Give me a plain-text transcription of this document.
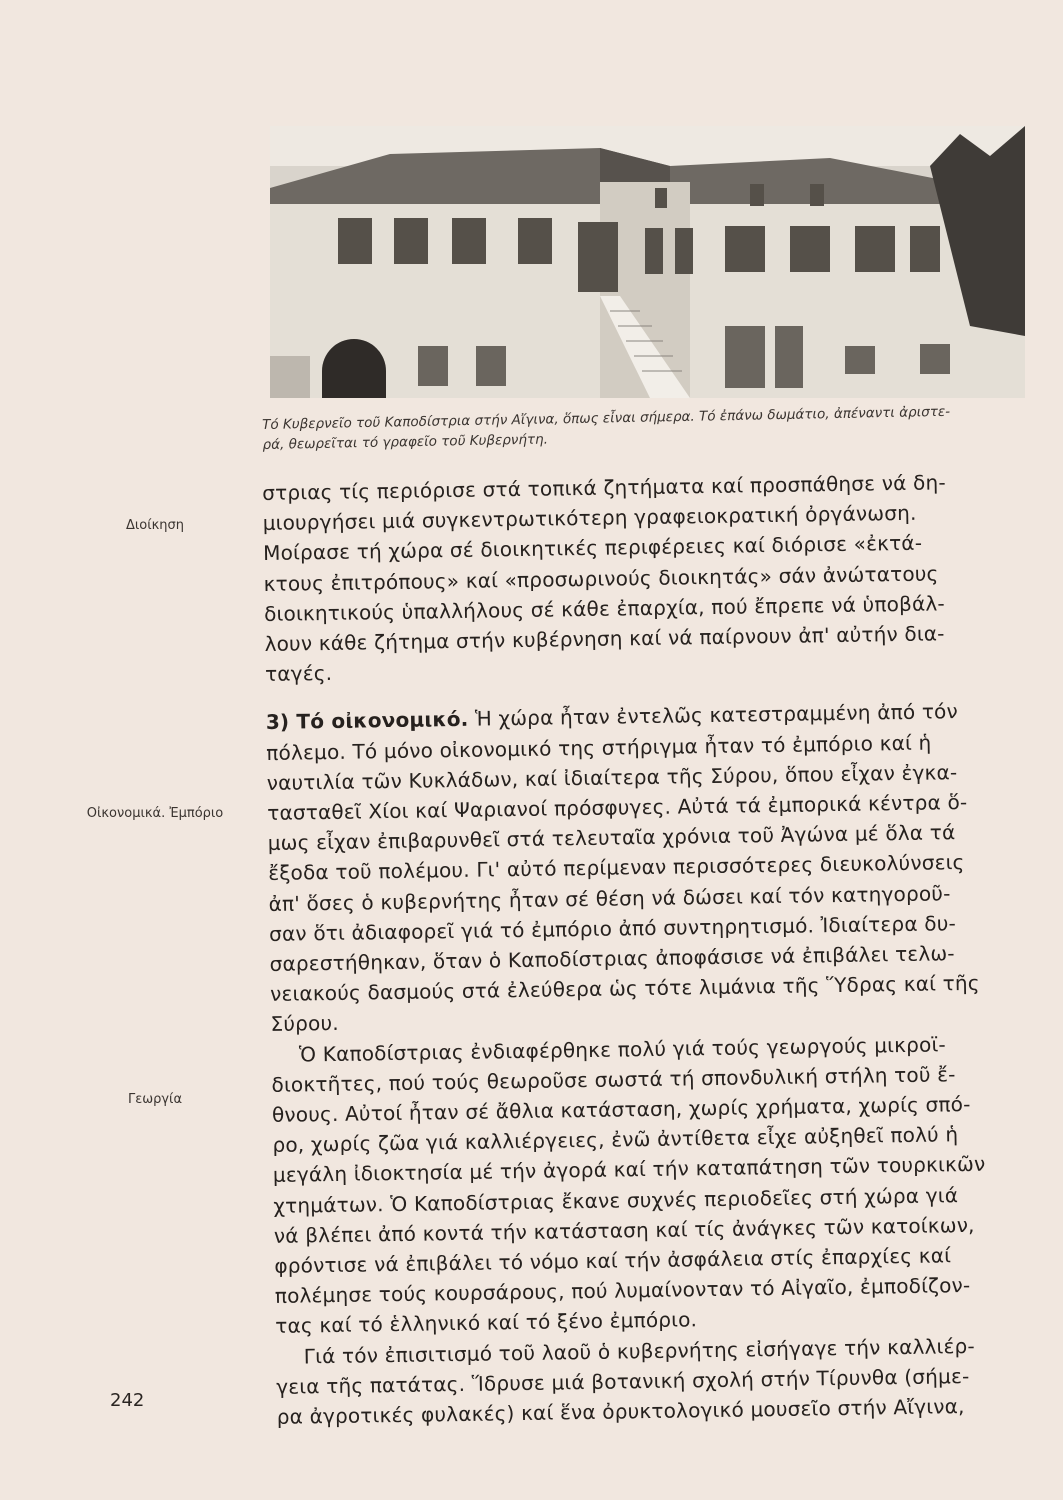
Τό Κυβερνεῖο τοῦ Καποδίστρια στήν Αἴγινα, ὅπως εἶναι σήμερα. Τό ἐπάνω δωμάτιο, ἀπέναντι ἀριστε-

ρά, θεωρεῖται τό γραφεῖο τοῦ Κυβερνήτη.

Διοίκηση
Οἰκονομικά. Ἐμπόριο
Γεωργία

στριας τίς περιόρισε στά τοπικά ζητήματα καί προσπάθησε νά δη-

μιουργήσει μιά συγκεντρωτικότερη γραφειοκρατική ὀργάνωση.

Μοίρασε τή χώρα σέ διοικητικές περιφέρειες καί διόρισε «ἐκτά-

κτους ἐπιτρόπους» καί «προσωρινούς διοικητάς» σάν ἀνώτατους

διοικητικούς ὑπαλλήλους σέ κάθε ἐπαρχία, πού ἔπρεπε νά ὑποβάλ-

λουν κάθε ζήτημα στήν κυβέρνηση καί νά παίρνουν ἀπ' αὐτήν δια-

ταγές.

3) Τό οἰκονομικό. Ἡ χώρα ἦταν ἐντελῶς κατεστραμμένη ἀπό τόν

πόλεμο. Τό μόνο οἰκονομικό της στήριγμα ἦταν τό ἐμπόριο καί ἡ

ναυτιλία τῶν Κυκλάδων, καί ἰδιαίτερα τῆς Σύρου, ὅπου εἶχαν ἐγκα-

τασταθεῖ Χίοι καί Ψαριανοί πρόσφυγες. Αὐτά τά ἐμπορικά κέντρα ὅ-

μως εἶχαν ἐπιβαρυνθεῖ στά τελευταῖα χρόνια τοῦ Ἀγώνα μέ ὅλα τά

ἔξοδα τοῦ πολέμου. Γι' αὐτό περίμεναν περισσότερες διευκολύνσεις

ἀπ' ὅσες ὁ κυβερνήτης ἦταν σέ θέση νά δώσει καί τόν κατηγοροῦ-

σαν ὅτι ἀδιαφορεῖ γιά τό ἐμπόριο ἀπό συντηρητισμό. Ἰδιαίτερα δυ-

σαρεστήθηκαν, ὅταν ὁ Καποδίστριας ἀποφάσισε νά ἐπιβάλει τελω-

νειακούς δασμούς στά ἐλεύθερα ὡς τότε λιμάνια τῆς Ὕδρας καί τῆς

Σύρου.

Ὁ Καποδίστριας ἐνδιαφέρθηκε πολύ γιά τούς γεωργούς μικροϊ-

διοκτῆτες, πού τούς θεωροῦσε σωστά τή σπονδυλική στήλη τοῦ ἔ-

θνους. Αὐτοί ἦταν σέ ἄθλια κατάσταση, χωρίς χρήματα, χωρίς σπό-

ρο, χωρίς ζῶα γιά καλλιέργειες, ἐνῶ ἀντίθετα εἶχε αὐξηθεῖ πολύ ἡ

μεγάλη ἰδιοκτησία μέ τήν ἀγορά καί τήν καταπάτηση τῶν τουρκικῶν

χτημάτων. Ὁ Καποδίστριας ἔκανε συχνές περιοδεῖες στή χώρα γιά

νά βλέπει ἀπό κοντά τήν κατάσταση καί τίς ἀνάγκες τῶν κατοίκων,

φρόντισε νά ἐπιβάλει τό νόμο καί τήν ἀσφάλεια στίς ἐπαρχίες καί

πολέμησε τούς κουρσάρους, πού λυμαίνονταν τό Αἰγαῖο, ἐμποδίζον-

τας καί τό ἑλληνικό καί τό ξένο ἐμπόριο.

Γιά τόν ἐπισιτισμό τοῦ λαοῦ ὁ κυβερνήτης εἰσήγαγε τήν καλλιέρ-

γεια τῆς πατάτας. Ἵδρυσε μιά βοτανική σχολή στήν Τίρυνθα (σήμε-

ρα ἀγροτικές φυλακές) καί ἕνα ὀρυκτολογικό μουσεῖο στήν Αἴγινα,

242
